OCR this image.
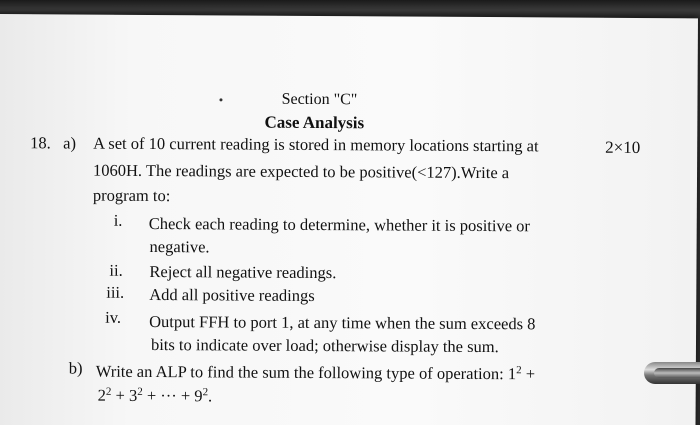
Section "C"
Case Analysis
18.	2×10
a) A set of 10 current reading is stored in memory locations starting at
1060H. The readings are expected to be positive(<127).Write a
program to:
i. Check each reading to determine, whether it is positive or
negative.
ii. Reject all negative readings.
iii. Add all positive readings
iv. Output FFH to port 1, at any time when the sum exceeds 8
bits to indicate over load; otherwise display the sum.
b) Write an ALP to find the sum the following type of operation: $1^2$ +
$2^2 + 3^2$ + ··· + $9^2$.
